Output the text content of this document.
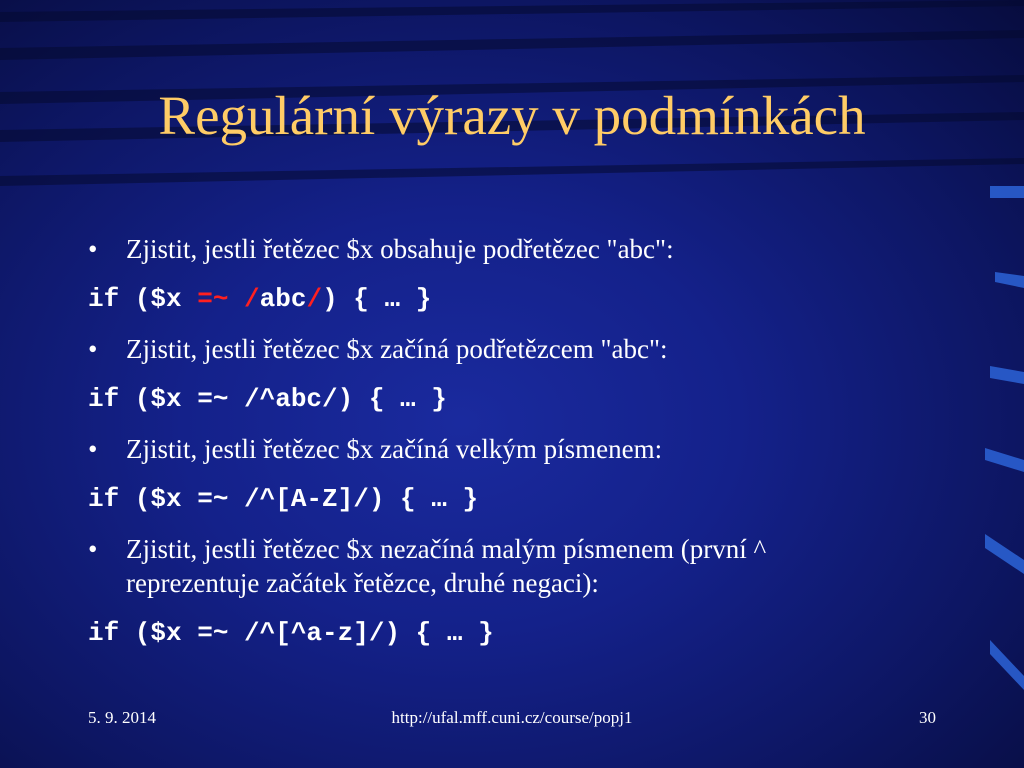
Regulární výrazy v podmínkách
• Zjistit, jestli řetězec $x obsahuje podřetězec "abc":
if ($x =~ /abc/) { … }
• Zjistit, jestli řetězec $x začíná podřetězcem "abc":
if ($x =~ /^abc/) { … }
• Zjistit, jestli řetězec $x začíná velkým písmenem:
if ($x =~ /^[A-Z]/) { … }
• Zjistit, jestli řetězec $x nezačíná malým písmenem (první ^
reprezentuje začátek řetězce, druhé negaci):
if ($x =~ /^[^a-z]/) { … }
5. 9. 2014	http://ufal.mff.cuni.cz/course/popj1	30
